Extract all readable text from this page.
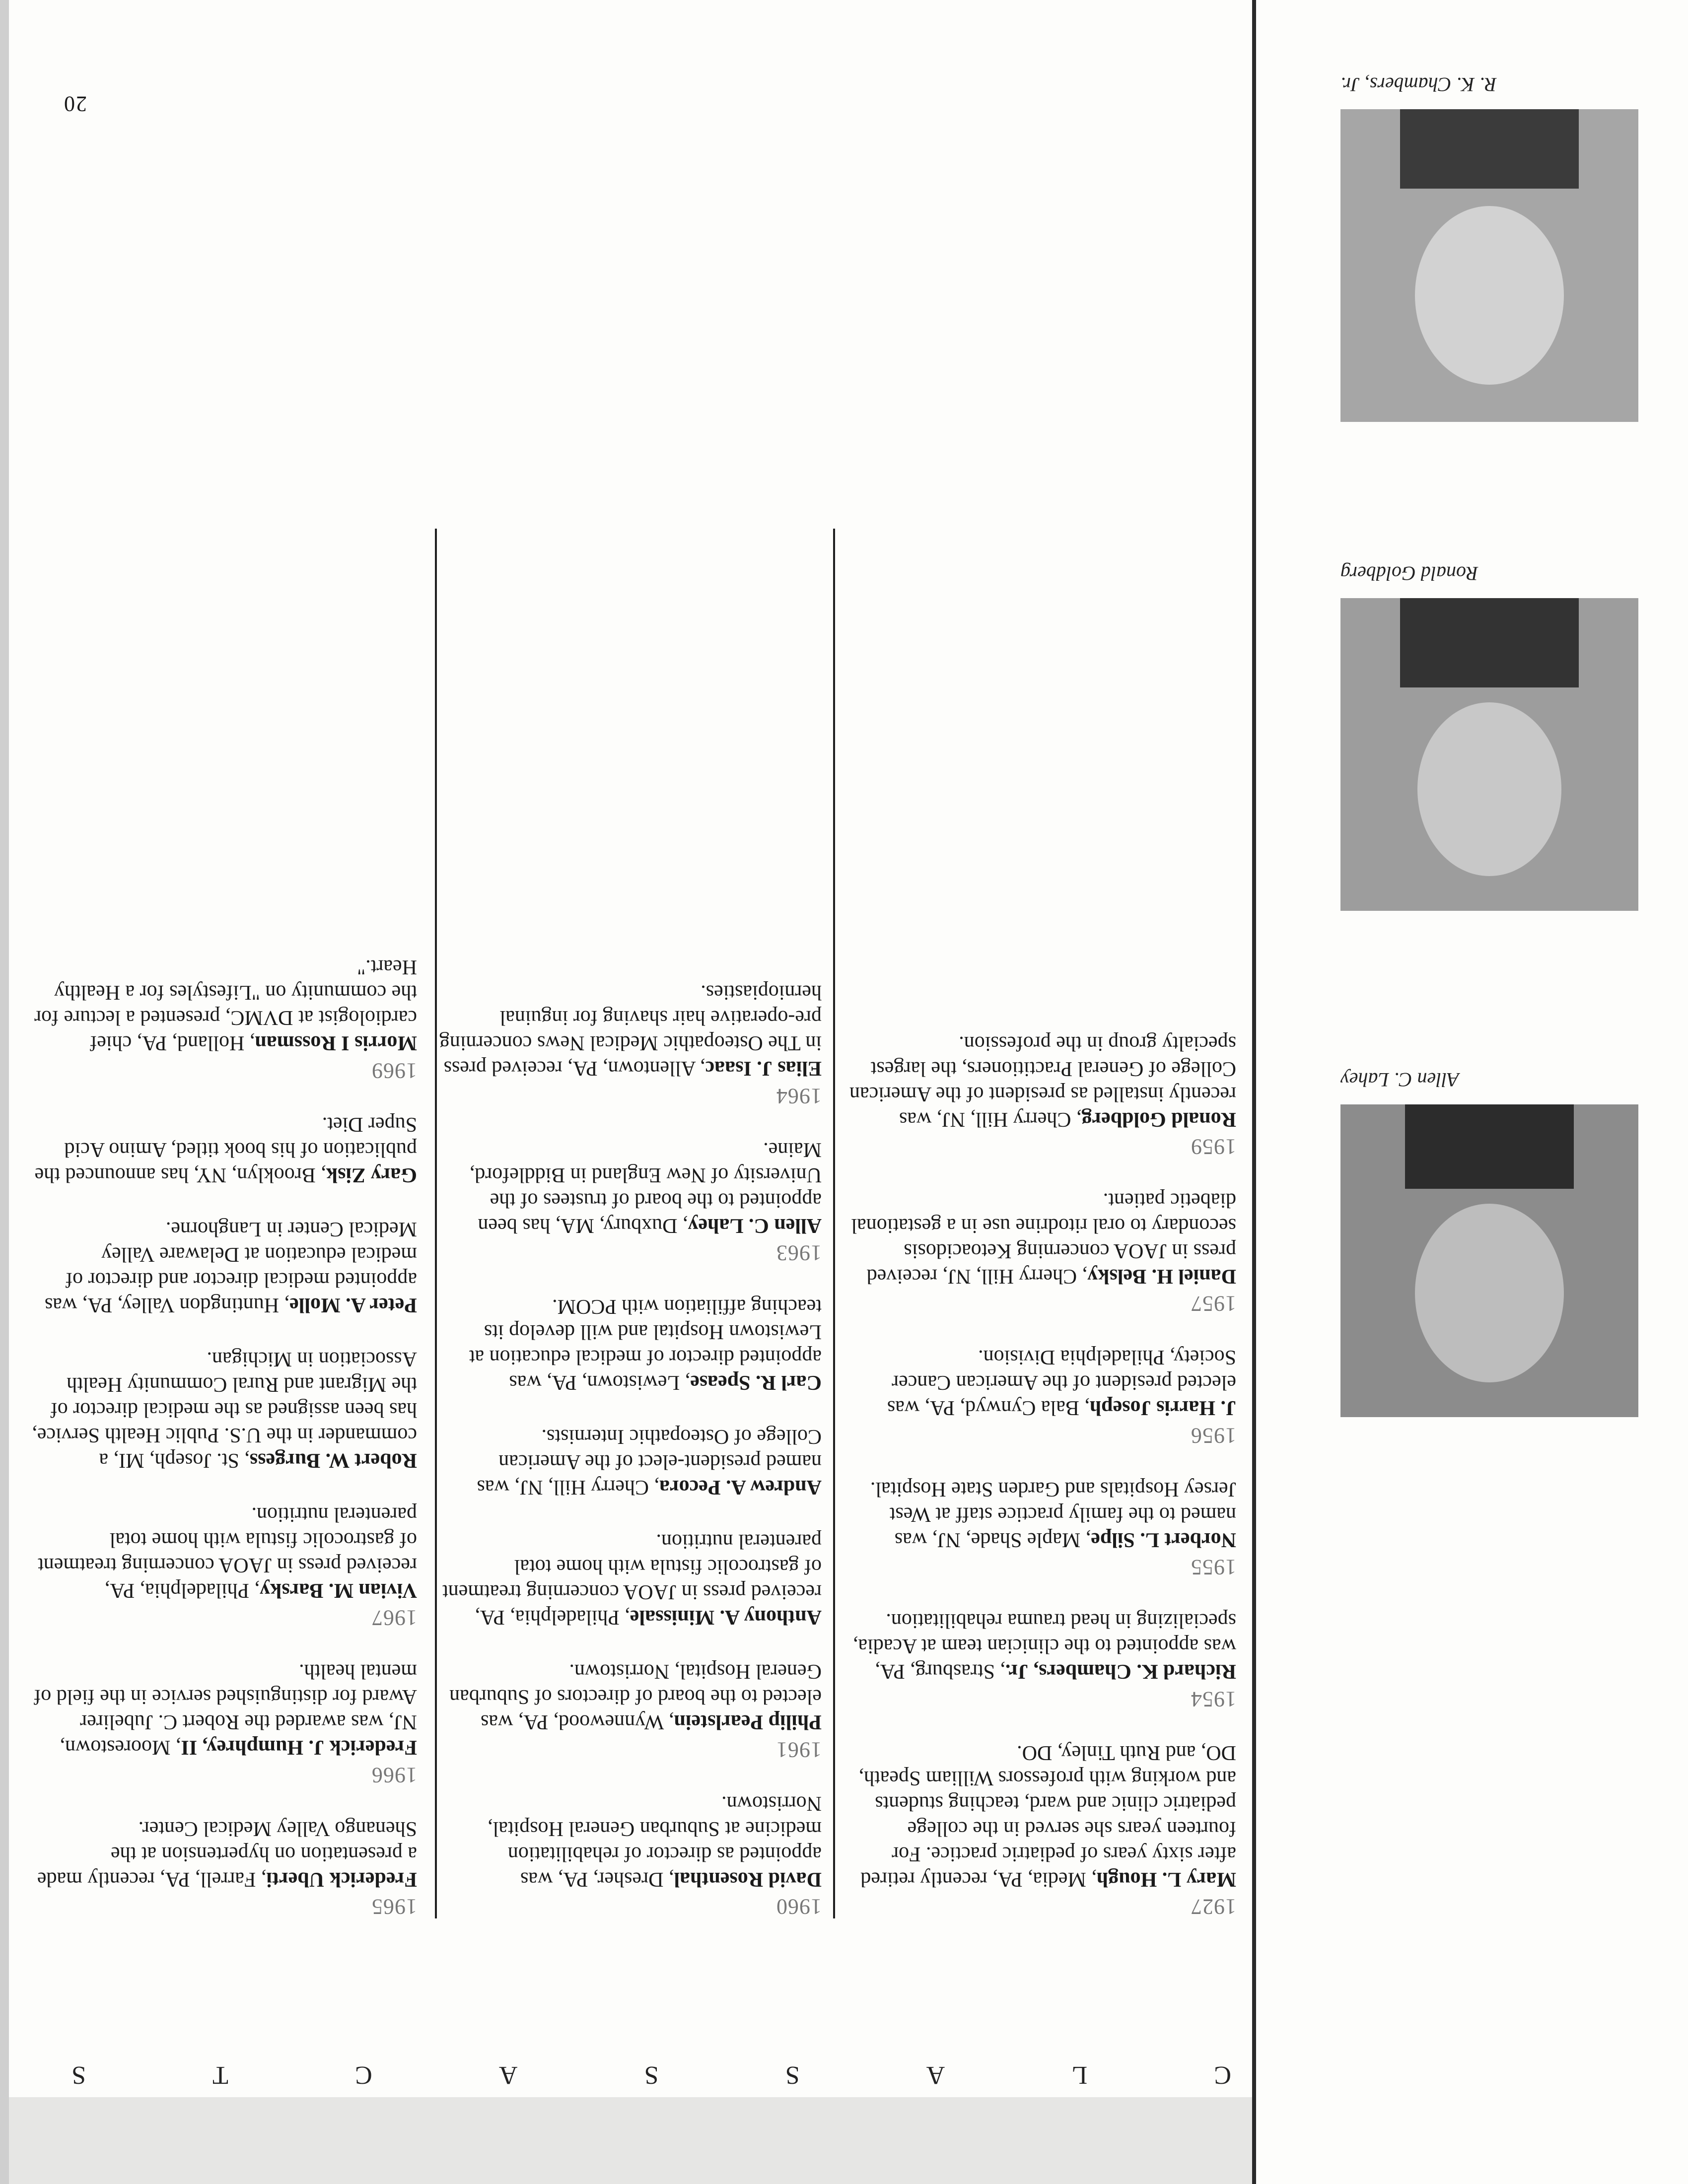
20
C
L
A
S
S
A
C
T
S
1927

Mary L. Hough, Media, PA, recently retired after sixty years of pediatric practice. For fourteen years she served in the college pediatric clinic and ward, teaching students and working with professors William Speath, DO, and Ruth Tinley, DO.

1954

Richard K. Chambers, Jr., Strasburg, PA, was appointed to the clinician team at Acadia, specializing in head trauma rehabilitation.

1955

Norbert L. Silpe, Maple Shade, NJ, was named to the family practice staff at West Jersey Hospitals and Garden State Hospital.

1956

J. Harris Joseph, Bala Cynwyd, PA, was elected president of the American Cancer Society, Philadelphia Division.

1957

Daniel H. Belsky, Cherry Hill, NJ, received press in JAOA concerning Ketoacidosis secondary to oral ritodrine use in a gestational diabetic patient.

1959

Ronald Goldberg, Cherry Hill, NJ, was recently installed as president of the American College of General Practitioners, the largest specialty group in the profession.

1960

David Rosenthal, Dresher, PA, was appointed as director of rehabilitation medicine at Suburban General Hospital, Norristown.

1961

Philip Pearlstein, Wynnewood, PA, was elected to the board of directors of Suburban General Hospital, Norristown.

Anthony A. Minissale, Philadelphia, PA, received press in JAOA concerning treatment of gastrocolic fistula with home total parenteral nutrition.

Andrew A. Pecora, Cherry Hill, NJ, was named president-elect of the American College of Osteopathic Internists.

Carl R. Spease, Lewistown, PA, was appointed director of medical education at Lewistown Hospital and will develop its teaching affiliation with PCOM.

1963

Allen C. Lahey, Duxbury, MA, has been appointed to the board of trustees of the University of New England in Biddleford, Maine.

1964

Elias J. Isaac, Allentown, PA, received press in The Osteopathic Medical News concerning pre-operative hair shaving for inguinal herniopiasties.

1965

Frederick Uberti, Farrell, PA, recently made a presentation on hypertension at the Shenango Valley Medical Center.

1966

Frederick J. Humphrey, II, Moorestown, NJ, was awarded the Robert C. Jubelirer Award for distinguished service in the field of mental health.

1967

Vivian M. Barsky, Philadelphia, PA, received press in JAOA concerning treatment of gastrocolic fistula with home total parenteral nutrition.

Robert W. Burgess, St. Joseph, MI, a commander in the U.S. Public Health Service, has been assigned as the medical director of the Migrant and Rural Community Health Association in Michigan.

Peter A. Molle, Huntingdon Valley, PA, was appointed medical director and director of medical education at Delaware Valley Medical Center in Langhorne.

Gary Zisk, Brooklyn, NY, has announced the publication of his book titled, Amino Acid Super Diet.

1969

Morris I Rossman, Holland, PA, chief cardiologist at DVMC, presented a lecture for the community on "Lifestyles for a Healthy Heart."

Allen C. Lahey
Ronald Goldberg
R. K. Chambers, Jr.
